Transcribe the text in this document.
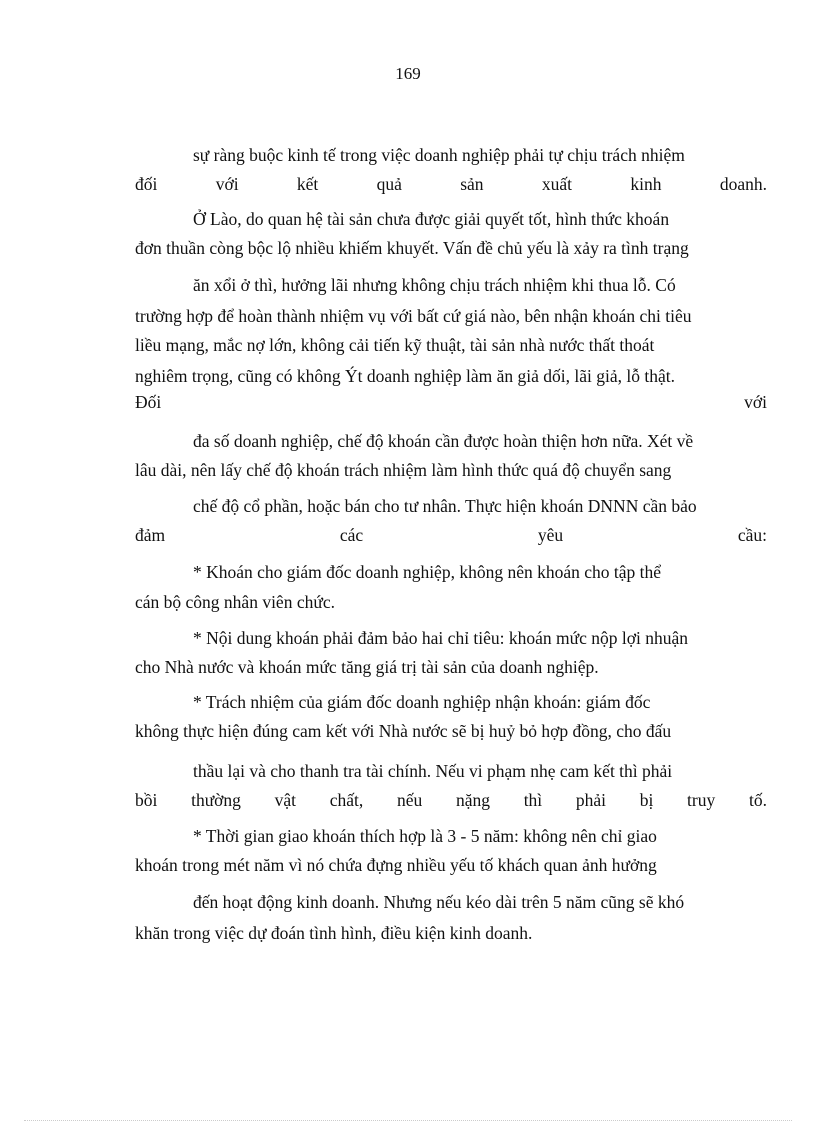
169
sự ràng buộc kinh tế trong việc doanh nghiệp phải tự chịu trách nhiệm
đối	với	kết	quả	sản	xuất	kinh	doanh.
Ở Lào, do quan hệ tài sản chưa được giải quyết tốt, hình thức khoán
đơn thuần còng bộc lộ nhiều khiếm khuyết. Vấn đề chủ yếu là xảy ra tình trạng
ăn xổi ở thì, hưởng lãi nhưng không chịu trách nhiệm khi thua lỗ. Có
trường hợp để hoàn thành nhiệm vụ với bất cứ giá nào, bên nhận khoán chi tiêu
liều mạng, mắc nợ lớn, không cải tiến kỹ thuật, tài sản nhà nước thất thoát
nghiêm trọng, cũng có không Ýt doanh nghiệp làm ăn giả dối, lãi giả, lỗ thật.
Đối	với
đa số doanh nghiệp, chế độ khoán cần được hoàn thiện hơn nữa. Xét về
lâu dài, nên lấy chế độ khoán trách nhiệm làm hình thức quá độ chuyển sang
chế độ cổ phần, hoặc bán cho tư nhân. Thực hiện khoán DNNN cần bảo
đảm	các	yêu	cầu:
* Khoán cho giám đốc doanh nghiệp, không nên khoán cho tập thể
cán bộ công nhân viên chức.
* Nội dung khoán phải đảm bảo hai chỉ tiêu: khoán mức nộp lợi nhuận
cho Nhà nước và khoán mức tăng giá trị tài sản của doanh nghiệp.
* Trách nhiệm của giám đốc doanh nghiệp nhận khoán: giám đốc
không thực hiện đúng cam kết với Nhà nước sẽ bị huỷ bỏ hợp đồng, cho đấu
thầu lại và cho thanh tra tài chính. Nếu vi phạm nhẹ cam kết thì phải
bồi thường vật chất, nếu nặng thì phải bị truy tố.
* Thời gian giao khoán thích hợp là 3 - 5 năm: không nên chỉ giao
khoán trong mét năm vì nó chứa đựng nhiều yếu tố khách quan ảnh hưởng
đến hoạt động kinh doanh. Nhưng nếu kéo dài trên 5 năm cũng sẽ khó
khăn trong việc dự đoán tình hình, điều kiện kinh doanh.
